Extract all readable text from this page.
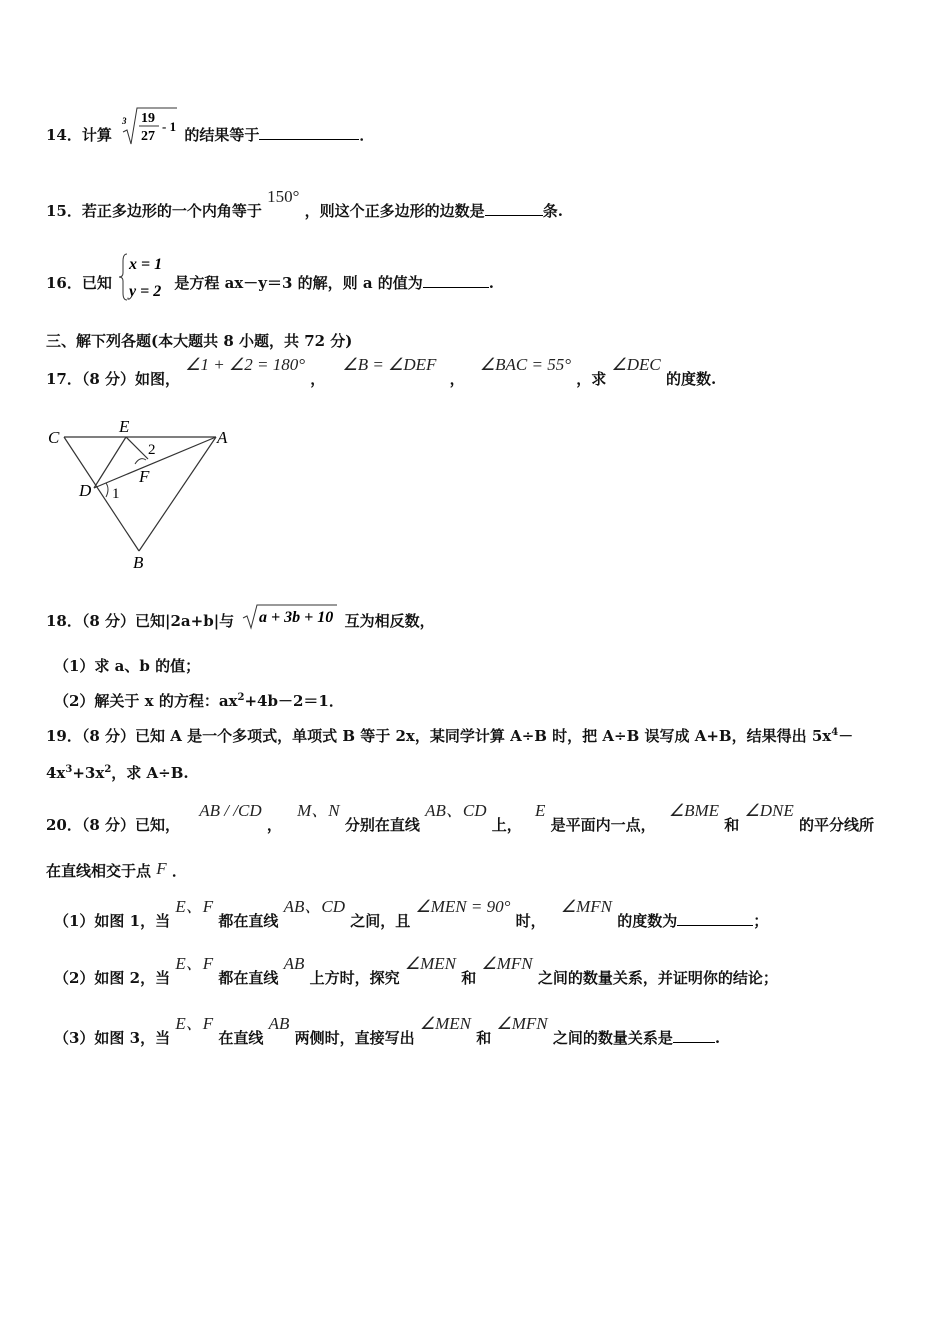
14．计算
3 19
27
- 1 的结果等于	．
15．若正多边形的一个内角等于 150° ，则这个正多边形的边数是	条.
16．已知
x = 1
y = 2 是方程 ax－y＝3 的解，则 a 的值为	.
三、解下列各题(本大题共 8 小题，共 72 分)
17．（8 分）如图， ∠1 + ∠2 = 180° ， ∠B = ∠DEF ， ∠BAC = 55° ，求 ∠DEC 的度数.
C
E
A
2
F
D 1
B
18．（8 分）已知|2a+b|与 a + 3b + 10 互为相反数，
（1）求 a、b 的值；
（2）解关于 x 的方程：$ax^2+4b-2=1$．
19．（8 分）已知 A 是一个多项式，单项式 B 等于 2x，某同学计算 A÷B 时，把 A÷B 误写成 A+B，结果得出 $5x^4-$
$4x^3+3x^2$，求 A÷B.
20．（8 分）已知， AB / /CD ， M、N 分别在直线 AB、CD 上， E 是平面内一点， ∠BME 和 ∠DNE 的平分线所
在直线相交于点 F ．
（1）如图 1，当 E、F 都在直线 AB、CD 之间，且 ∠MEN = 90° 时， ∠MFN 的度数为	；
（2）如图 2，当 E、F 都在直线 AB 上方时，探究 ∠MEN 和 ∠MFN 之间的数量关系，并证明你的结论；
（3）如图 3，当 E、F 在直线 AB 两侧时，直接写出 ∠MEN 和 ∠MFN 之间的数量关系是	.
